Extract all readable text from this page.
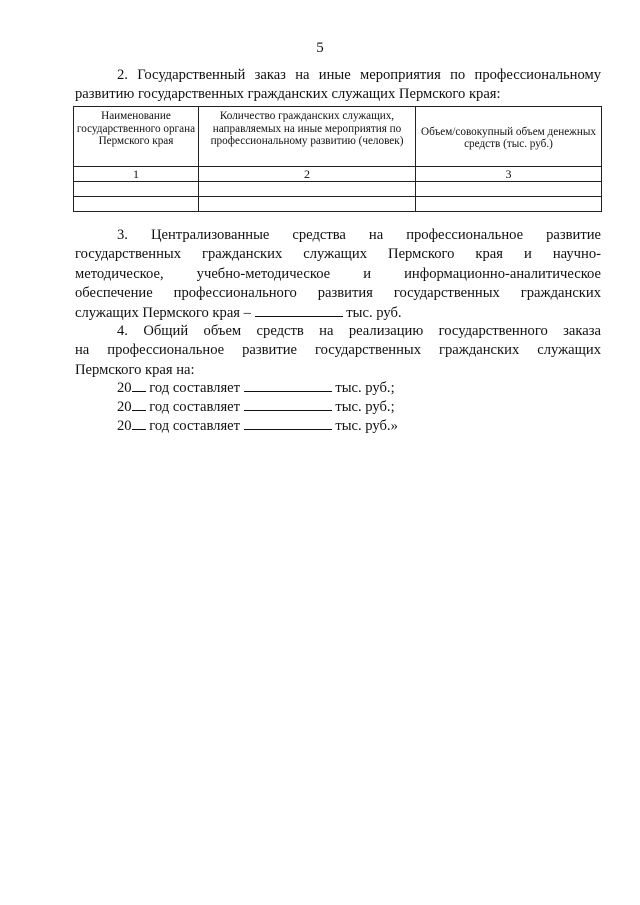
5
2. Государственный заказ на иные мероприятия по профессиональному
развитию государственных гражданских служащих Пермского края:
Наименование государственного органа Пермского края	Количество гражданских служащих, направляемых на иные мероприятия по профессиональному развитию (человек)	Объем/совокупный объем денежных средств (тыс. руб.)
1	2	3

3. Централизованные средства на профессиональное развитие
государственных гражданских служащих Пермского края и научно-
методическое, учебно-методическое и информационно-аналитическое
обеспечение профессионального развития государственных гражданских
служащих Пермского края –	тыс. руб.
4. Общий объем средств на реализацию государственного заказа
на профессиональное развитие государственных гражданских служащих
Пермского края на:
20 год составляет	тыс. руб.;
20 год составляет	тыс. руб.;
20 год составляет	тыс. руб.»
